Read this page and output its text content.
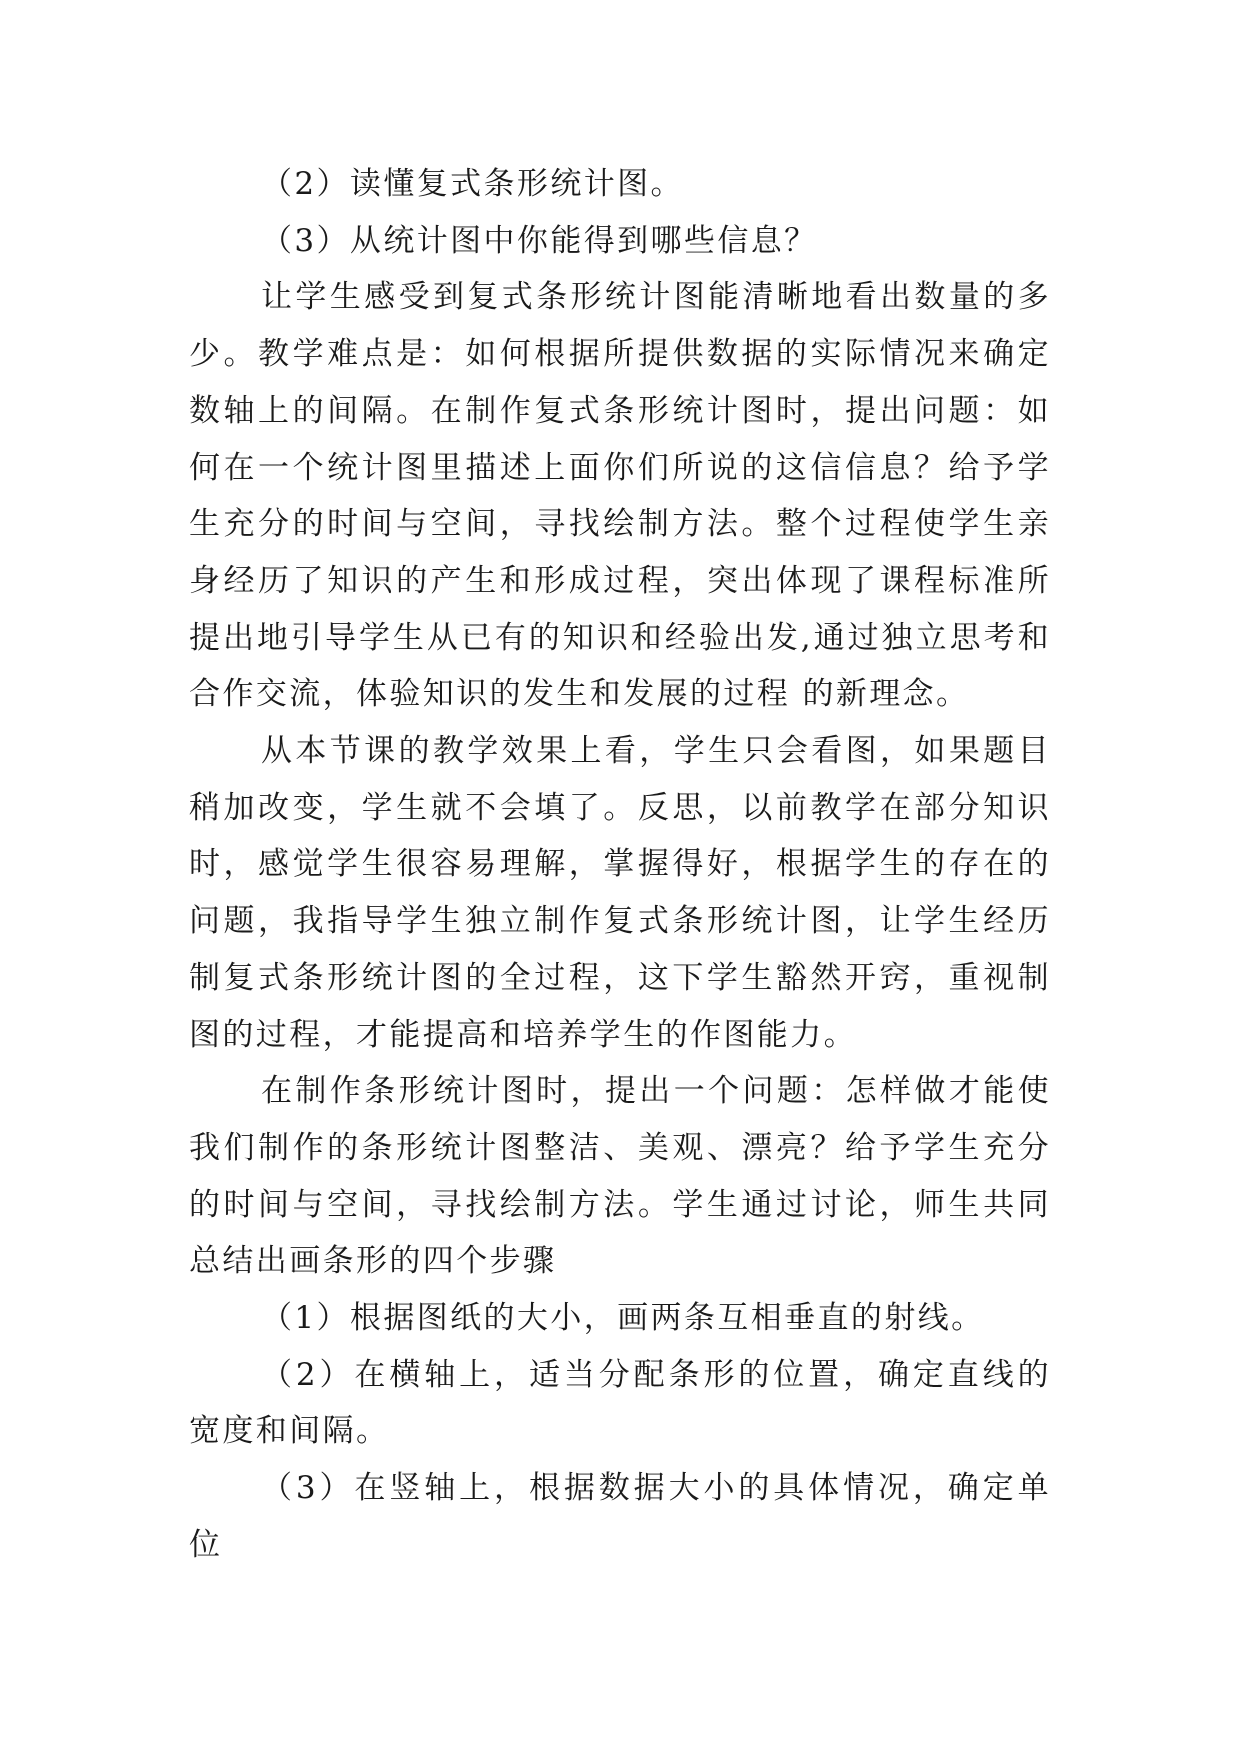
（2）读懂复式条形统计图。

（3）从统计图中你能得到哪些信息？

让学生感受到复式条形统计图能清晰地看出数量的多少。教学难点是：如何根据所提供数据的实际情况来确定数轴上的间隔。在制作复式条形统计图时，提出问题：如何在一个统计图里描述上面你们所说的这信信息？给予学生充分的时间与空间，寻找绘制方法。整个过程使学生亲身经历了知识的产生和形成过程，突出体现了课程标准所提出地引导学生从已有的知识和经验出发,通过独立思考和合作交流，体验知识的发生和发展的过程 的新理念。

从本节课的教学效果上看，学生只会看图，如果题目稍加改变，学生就不会填了。反思，以前教学在部分知识时，感觉学生很容易理解，掌握得好，根据学生的存在的问题，我指导学生独立制作复式条形统计图，让学生经历制复式条形统计图的全过程，这下学生豁然开窍，重视制图的过程，才能提高和培养学生的作图能力。

在制作条形统计图时，提出一个问题：怎样做才能使我们制作的条形统计图整洁、美观、漂亮？给予学生充分的时间与空间，寻找绘制方法。学生通过讨论，师生共同总结出画条形的四个步骤

（1）根据图纸的大小，画两条互相垂直的射线。

（2）在横轴上，适当分配条形的位置，确定直线的宽度和间隔。

（3）在竖轴上，根据数据大小的具体情况，确定单位
